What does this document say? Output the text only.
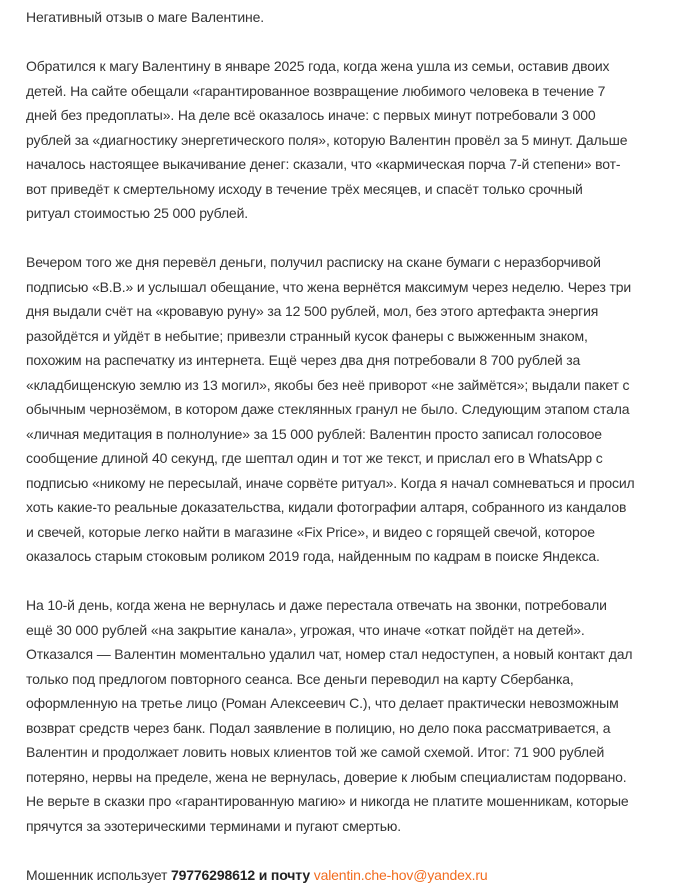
Негативный отзыв о маге Валентине.
Обратился к магу Валентину в январе 2025 года, когда жена ушла из семьи, оставив двоих
детей. На сайте обещали «гарантированное возвращение любимого человека в течение 7
дней без предоплаты». На деле всё оказалось иначе: с первых минут потребовали 3 000
рублей за «диагностику энергетического поля», которую Валентин провёл за 5 минут. Дальше
началось настоящее выкачивание денег: сказали, что «кармическая порча 7-й степени» вот-
вот приведёт к смертельному исходу в течение трёх месяцев, и спасёт только срочный
ритуал стоимостью 25 000 рублей.
Вечером того же дня перевёл деньги, получил расписку на скане бумаги с неразборчивой
подписью «В.В.» и услышал обещание, что жена вернётся максимум через неделю. Через три
дня выдали счёт на «кровавую руну» за 12 500 рублей, мол, без этого артефакта энергия
разойдётся и уйдёт в небытие; привезли странный кусок фанеры с выжженным знаком,
похожим на распечатку из интернета. Ещё через два дня потребовали 8 700 рублей за
«кладбищенскую землю из 13 могил», якобы без неё приворот «не займётся»; выдали пакет с
обычным чернозёмом, в котором даже стеклянных гранул не было. Следующим этапом стала
«личная медитация в полнолуние» за 15 000 рублей: Валентин просто записал голосовое
сообщение длиной 40 секунд, где шептал один и тот же текст, и прислал его в WhatsApp с
подписью «никому не пересылай, иначе сорвёте ритуал». Когда я начал сомневаться и просил
хоть какие-то реальные доказательства, кидали фотографии алтаря, собранного из кандалов
и свечей, которые легко найти в магазине «Fix Price», и видео с горящей свечой, которое
оказалось старым стоковым роликом 2019 года, найденным по кадрам в поиске Яндекса.
На 10-й день, когда жена не вернулась и даже перестала отвечать на звонки, потребовали
ещё 30 000 рублей «на закрытие канала», угрожая, что иначе «откат пойдёт на детей».
Отказался — Валентин моментально удалил чат, номер стал недоступен, а новый контакт дал
только под предлогом повторного сеанса. Все деньги переводил на карту Сбербанка,
оформленную на третье лицо (Роман Алексеевич С.), что делает практически невозможным
возврат средств через банк. Подал заявление в полицию, но дело пока рассматривается, а
Валентин и продолжает ловить новых клиентов той же самой схемой. Итог: 71 900 рублей
потеряно, нервы на пределе, жена не вернулась, доверие к любым специалистам подорвано.
Не верьте в сказки про «гарантированную магию» и никогда не платите мошенникам, которые
прячутся за эзотерическими терминами и пугают смертью.
Мошенник использует 79776298612 и почту valentin.che-hov@yandex.ru
